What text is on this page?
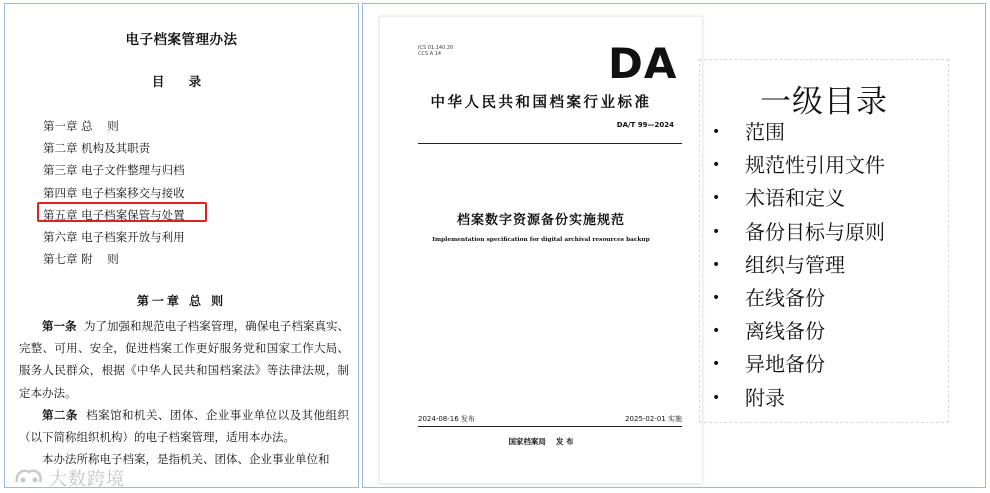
电子档案管理办法
目 录
第一章 总    则
第二章 机构及其职责
第三章 电子文件整理与归档
第四章 电子档案移交与接收
第五章 电子档案保管与处置
第六章 电子档案开放与利用
第七章 附    则
第一章 总 则

第一条 为了加强和规范电子档案管理，确保电子档案真实、完整、可用、安全，促进档案工作更好服务党和国家工作大局、服务人民群众，根据《中华人民共和国档案法》等法律法规，制定本办法。

第二条 档案馆和机关、团体、企业事业单位以及其他组织（以下简称组织机构）的电子档案管理，适用本办法。

本办法所称电子档案，是指机关、团体、企业事业单位和

大数跨境
ICS 01.140.20
CCS A 14	DA
中华人民共和国档案行业标准
DA/T 99—2024
档案数字资源备份实施规范
Implementation specification for digital archival resources backup
2024-08-16 发布	2025-02-01 实施
国家档案局 发 布
一级目录
• 范围
• 规范性引用文件
• 术语和定义
• 备份目标与原则
• 组织与管理
• 在线备份
• 离线备份
• 异地备份
• 附录
